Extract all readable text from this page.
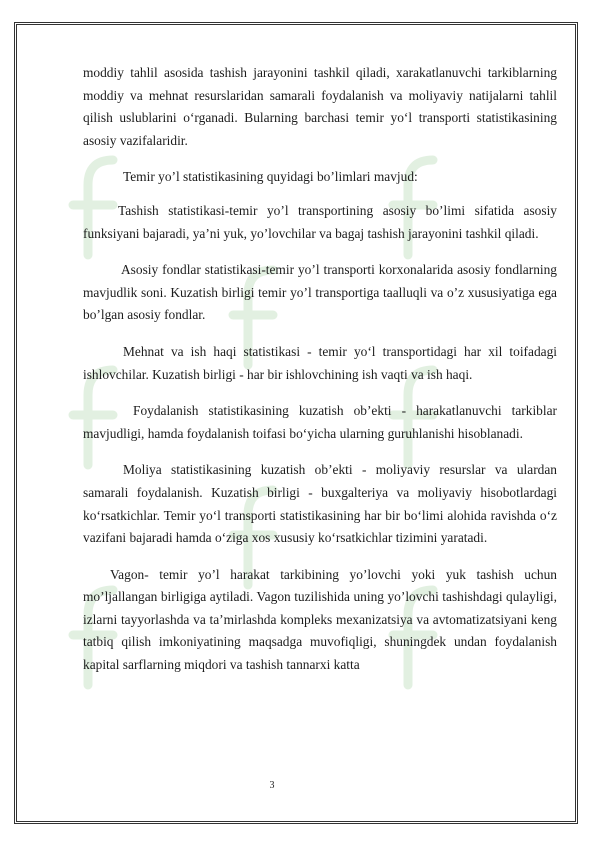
moddiy tahlil asosida tashish jarayonini tashkil qiladi, xarakatlanuvchi tarkiblarning moddiy va mehnat resurslaridan samarali foydalanish va moliyaviy natijalarni tahlil qilish uslublarini o‘rganadi. Bularning barchasi temir yo‘l transporti statistikasining asosiy vazifalaridir.

Temir yo’l statistikasining quyidagi bo’limlari mavjud:

Tashish statistikasi-temir yo’l transportining asosiy bo’limi sifatida asosiy funksiyani bajaradi, ya’ni yuk, yo’lovchilar va bagaj tashish jarayonini tashkil qiladi.

Asosiy fondlar statistikasi-temir yo’l transporti korxonalarida asosiy fondlarning mavjudlik soni. Kuzatish birligi temir yo’l transportiga taalluqli va o’z xususiyatiga ega bo’lgan asosiy fondlar.

Mehnat va ish haqi statistikasi - temir yo‘l transportidagi har xil toifadagi ishlovchilar. Kuzatish birligi - har bir ishlovchining ish vaqti va ish haqi.

Foydalanish statistikasining kuzatish ob’ekti - harakatlanuvchi tarkiblar mavjudligi, hamda foydalanish toifasi bo‘yicha ularning guruhlanishi hisoblanadi.

Moliya statistikasining kuzatish ob’ekti - moliyaviy resurslar va ulardan samarali foydalanish. Kuzatish birligi - buxgalteriya va moliyaviy hisobotlardagi ko‘rsatkichlar. Temir yo‘l transporti statistikasining har bir bo‘limi alohida ravishda o‘z vazifani bajaradi hamda o‘ziga xos xususiy ko‘rsatkichlar tizimini yaratadi.

Vagon- temir yo’l harakat tarkibining yo’lovchi yoki yuk tashish uchun mo’ljallangan birligiga aytiladi. Vagon tuzilishida uning yo’lovchi tashishdagi qulayligi, izlarni tayyorlashda va ta’mirlashda kompleks mexanizatsiya va avtomatizatsiyani keng tatbiq qilish imkoniyatining maqsadga muvofiqligi, shuningdek undan foydalanish kapital sarflarning miqdori va tashish tannarxi katta

3
